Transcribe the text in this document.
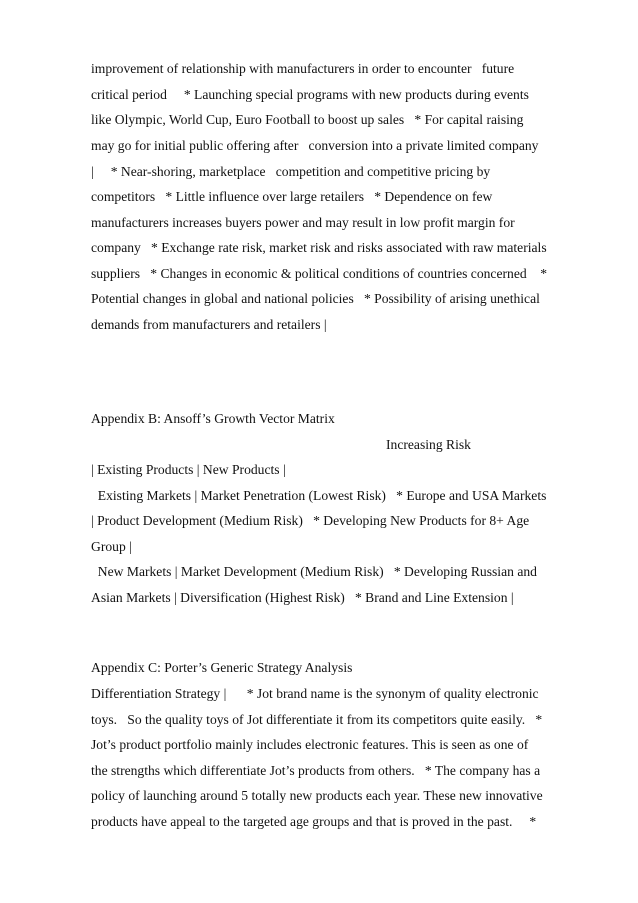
improvement of relationship with manufacturers in order to encounter   future
critical period     * Launching special programs with new products during events
like Olympic, World Cup, Euro Football to boost up sales   * For capital raising
may go for initial public offering after   conversion into a private limited company
|     * Near-shoring, marketplace   competition and competitive pricing by
competitors   * Little influence over large retailers   * Dependence on few
manufacturers increases buyers power and may result in low profit margin for
company   * Exchange rate risk, market risk and risks associated with raw materials
suppliers   * Changes in economic & political conditions of countries concerned    *
Potential changes in global and national policies   * Possibility of arising unethical
demands from manufacturers and retailers |
Appendix B: Ansoff’s Growth Vector Matrix
Increasing Risk
| Existing Products | New Products |
Existing Markets | Market Penetration (Lowest Risk)   * Europe and USA Markets
| Product Development (Medium Risk)   * Developing New Products for 8+ Age
Group |
New Markets | Market Development (Medium Risk)   * Developing Russian and
Asian Markets | Diversification (Highest Risk)   * Brand and Line Extension |
Appendix C: Porter’s Generic Strategy Analysis
Differentiation Strategy |      * Jot brand name is the synonym of quality electronic
toys.   So the quality toys of Jot differentiate it from its competitors quite easily.   *
Jot’s product portfolio mainly includes electronic features. This is seen as one of
the strengths which differentiate Jot’s products from others.   * The company has a
policy of launching around 5 totally new products each year. These new innovative
products have appeal to the targeted age groups and that is proved in the past.     *
